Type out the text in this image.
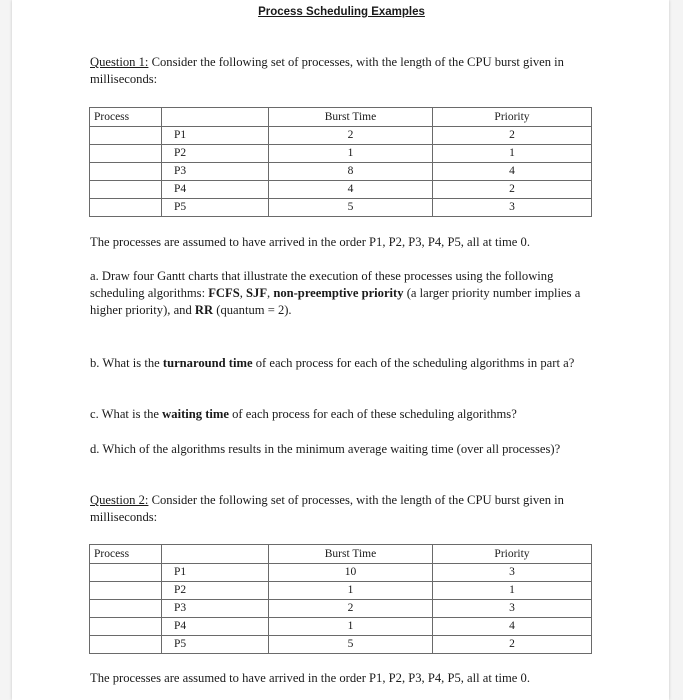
Process Scheduling Examples
Question 1: Consider the following set of processes, with the length of the CPU burst given in milliseconds:
Process		Burst Time	Priority
	P1	2	2
	P2	1	1
	P3	8	4
	P4	4	2
	P5	5	3
The processes are assumed to have arrived in the order P1, P2, P3, P4, P5, all at time 0.
a. Draw four Gantt charts that illustrate the execution of these processes using the following scheduling algorithms: FCFS, SJF, non-preemptive priority (a larger priority number implies a higher priority), and RR (quantum = 2).
b. What is the turnaround time of each process for each of the scheduling algorithms in part a?
c. What is the waiting time of each process for each of these scheduling algorithms?
d. Which of the algorithms results in the minimum average waiting time (over all processes)?
Question 2: Consider the following set of processes, with the length of the CPU burst given in milliseconds:
Process		Burst Time	Priority
	P1	10	3
	P2	1	1
	P3	2	3
	P4	1	4
	P5	5	2
The processes are assumed to have arrived in the order P1, P2, P3, P4, P5, all at time 0.
